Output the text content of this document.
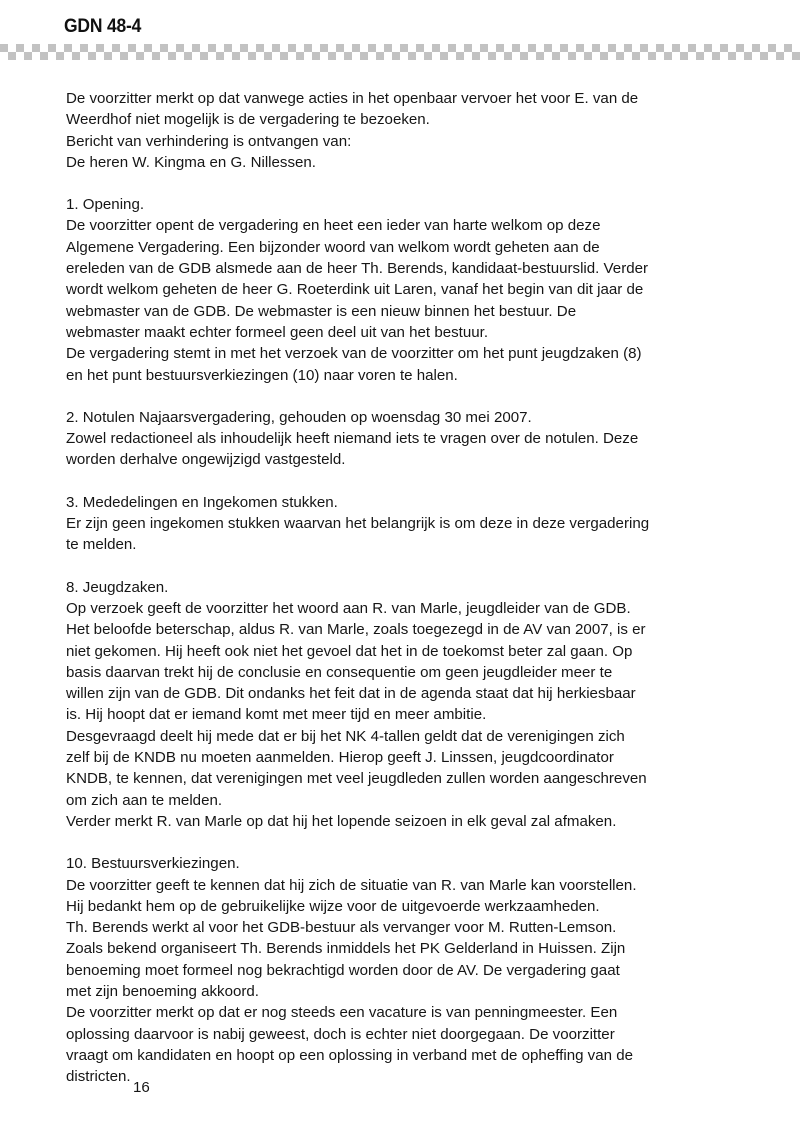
GDN 48-4
De voorzitter merkt op dat vanwege acties in het openbaar vervoer het voor E. van de
Weerdhof niet mogelijk is de vergadering te bezoeken.
Bericht van verhindering is ontvangen van:
De heren W. Kingma en G. Nillessen.
1. Opening.
De voorzitter opent de vergadering en heet een ieder van harte welkom op deze
Algemene Vergadering. Een bijzonder woord van welkom wordt geheten aan de
ereleden van de GDB alsmede aan de heer Th. Berends, kandidaat-bestuurslid. Verder
wordt welkom geheten de heer G. Roeterdink uit Laren, vanaf het begin van dit jaar de
webmaster van de GDB. De webmaster is een nieuw binnen het bestuur. De
webmaster maakt echter formeel geen deel uit van het bestuur.
De vergadering stemt in met het verzoek van de voorzitter om het punt jeugdzaken (8)
en het punt bestuursverkiezingen (10) naar voren te halen.
2. Notulen Najaarsvergadering, gehouden op woensdag 30 mei 2007.
Zowel redactioneel als inhoudelijk heeft niemand iets te vragen over de notulen. Deze
worden derhalve ongewijzigd vastgesteld.
3. Mededelingen en Ingekomen stukken.
Er zijn geen ingekomen stukken waarvan het belangrijk is om deze in deze vergadering
te melden.
8. Jeugdzaken.
Op verzoek geeft de voorzitter het woord aan R. van Marle, jeugdleider van de GDB.
Het beloofde beterschap, aldus R. van Marle, zoals toegezegd in de AV van 2007, is er
niet gekomen. Hij heeft ook niet het gevoel dat het in de toekomst beter zal gaan. Op
basis daarvan trekt hij de conclusie en consequentie om geen jeugdleider meer te
willen zijn van de GDB. Dit ondanks het feit dat in de agenda staat dat hij herkiesbaar
is. Hij hoopt dat er iemand komt met meer tijd en meer ambitie.
Desgevraagd deelt hij mede dat er bij het NK 4-tallen geldt dat de verenigingen zich
zelf bij de KNDB nu moeten aanmelden. Hierop geeft J. Linssen, jeugdcoordinator
KNDB, te kennen, dat verenigingen met veel jeugdleden zullen worden aangeschreven
om zich aan te melden.
Verder merkt R. van Marle op dat hij het lopende seizoen in elk geval zal afmaken.
10. Bestuursverkiezingen.
De voorzitter geeft te kennen dat hij zich de situatie van R. van Marle kan voorstellen.
Hij bedankt hem op de gebruikelijke wijze voor de uitgevoerde werkzaamheden.
Th. Berends werkt al voor het GDB-bestuur als vervanger voor M. Rutten-Lemson.
Zoals bekend organiseert Th. Berends inmiddels het PK Gelderland in Huissen. Zijn
benoeming moet formeel nog bekrachtigd worden door de AV. De vergadering gaat
met zijn benoeming akkoord.
De voorzitter merkt op dat er nog steeds een vacature is van penningmeester. Een
oplossing daarvoor is nabij geweest, doch is echter niet doorgegaan. De voorzitter
vraagt om kandidaten en hoopt op een oplossing in verband met de opheffing van de
districten.
16
